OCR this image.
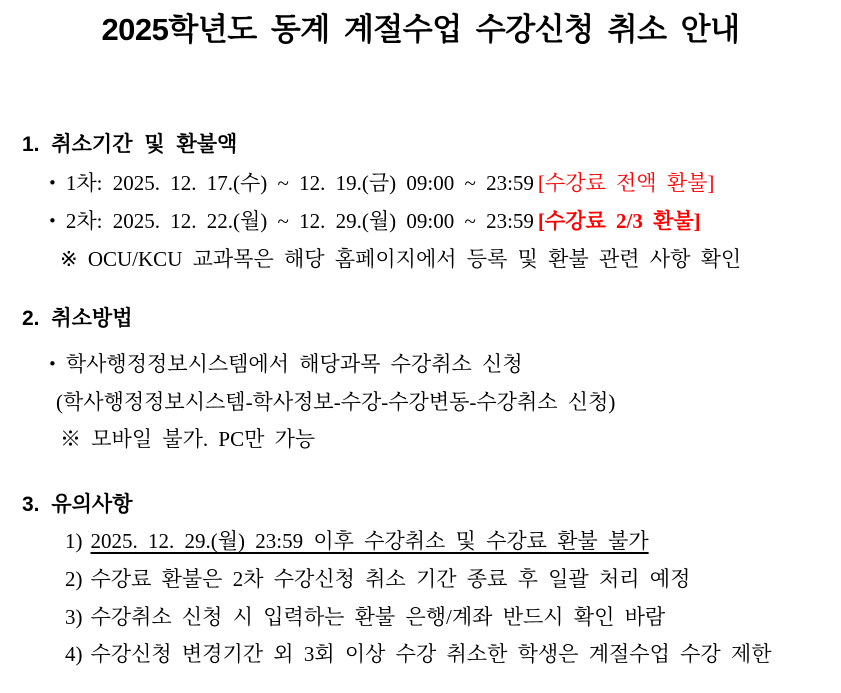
2025학년도 동계 계절수업 수강신청 취소 안내
1. 취소기간 및 환불액
• 1차: 2025. 12. 17.(수) ~ 12. 19.(금) 09:00 ~ 23:59 [수강료 전액 환불]
• 2차: 2025. 12. 22.(월) ~ 12. 29.(월) 09:00 ~ 23:59 [수강료 2/3 환불]
※ OCU/KCU 교과목은 해당 홈페이지에서 등록 및 환불 관련 사항 확인
2. 취소방법
• 학사행정정보시스템에서 해당과목 수강취소 신청
(학사행정정보시스템-학사정보-수강-수강변동-수강취소 신청)
※ 모바일 불가. PC만 가능
3. 유의사항
1) 2025. 12. 29.(월) 23:59 이후 수강취소 및 수강료 환불 불가
2) 수강료 환불은 2차 수강신청 취소 기간 종료 후 일괄 처리 예정
3) 수강취소 신청 시 입력하는 환불 은행/계좌 반드시 확인 바람
4) 수강신청 변경기간 외 3회 이상 수강 취소한 학생은 계절수업 수강 제한
